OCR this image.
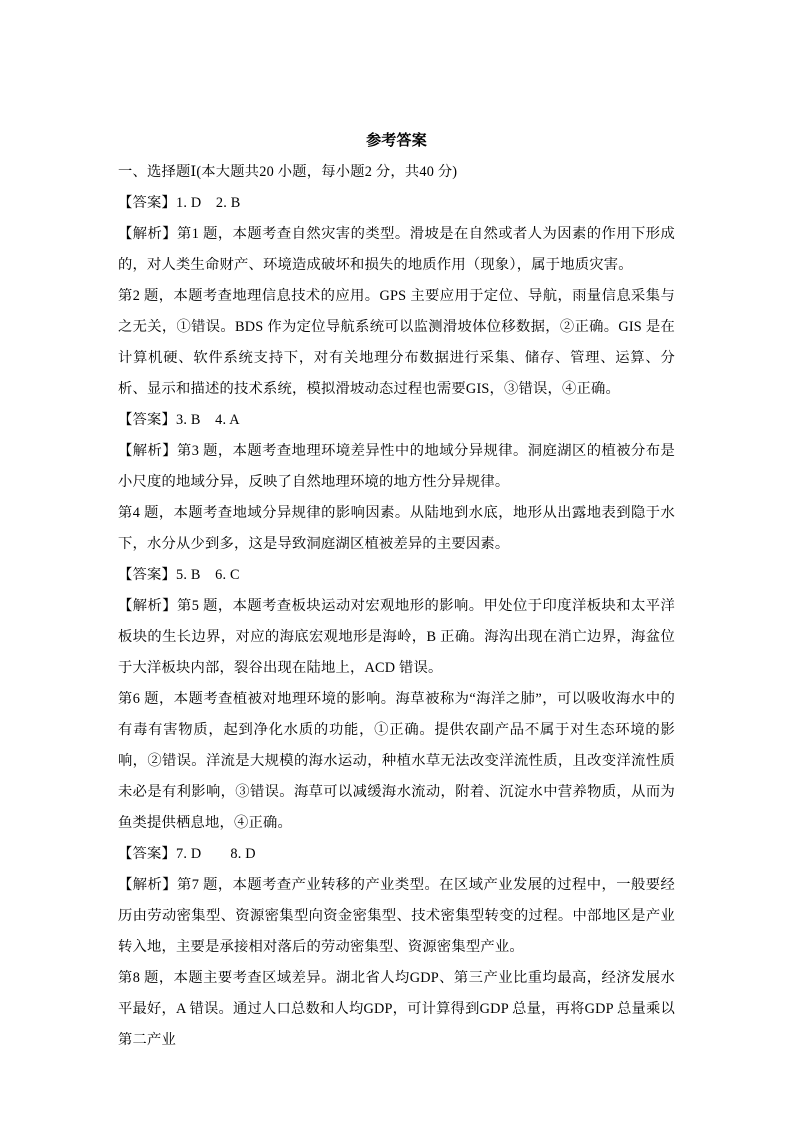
参考答案

一、选择题Ⅰ(本大题共20 小题，每小题2 分，共40 分)

【答案】1. D　2. B

【解析】第1 题，本题考查自然灾害的类型。滑坡是在自然或者人为因素的作用下形成的，对人类生命财产、环境造成破坏和损失的地质作用（现象），属于地质灾害。

第2 题，本题考查地理信息技术的应用。GPS 主要应用于定位、导航，雨量信息采集与之无关，①错误。BDS 作为定位导航系统可以监测滑坡体位移数据，②正确。GIS 是在计算机硬、软件系统支持下，对有关地理分布数据进行采集、储存、管理、运算、分析、显示和描述的技术系统，模拟滑坡动态过程也需要GIS，③错误，④正确。

【答案】3. B　4. A

【解析】第3 题，本题考查地理环境差异性中的地域分异规律。洞庭湖区的植被分布是小尺度的地域分异，反映了自然地理环境的地方性分异规律。

第4 题，本题考查地域分异规律的影响因素。从陆地到水底，地形从出露地表到隐于水下，水分从少到多，这是导致洞庭湖区植被差异的主要因素。

【答案】5. B　6. C

【解析】第5 题，本题考查板块运动对宏观地形的影响。甲处位于印度洋板块和太平洋板块的生长边界，对应的海底宏观地形是海岭，B 正确。海沟出现在消亡边界，海盆位于大洋板块内部，裂谷出现在陆地上，ACD 错误。

第6 题，本题考查植被对地理环境的影响。海草被称为“海洋之肺”，可以吸收海水中的有毒有害物质，起到净化水质的功能，①正确。提供农副产品不属于对生态环境的影响，②错误。洋流是大规模的海水运动，种植水草无法改变洋流性质，且改变洋流性质未必是有利影响，③错误。海草可以减缓海水流动，附着、沉淀水中营养物质，从而为鱼类提供栖息地，④正确。

【答案】7. D　　8. D

【解析】第7 题，本题考查产业转移的产业类型。在区域产业发展的过程中，一般要经历由劳动密集型、资源密集型向资金密集型、技术密集型转变的过程。中部地区是产业转入地，主要是承接相对落后的劳动密集型、资源密集型产业。

第8 题，本题主要考查区域差异。湖北省人均GDP、第三产业比重均最高，经济发展水平最好，A 错误。通过人口总数和人均GDP，可计算得到GDP 总量，再将GDP 总量乘以第二产业
